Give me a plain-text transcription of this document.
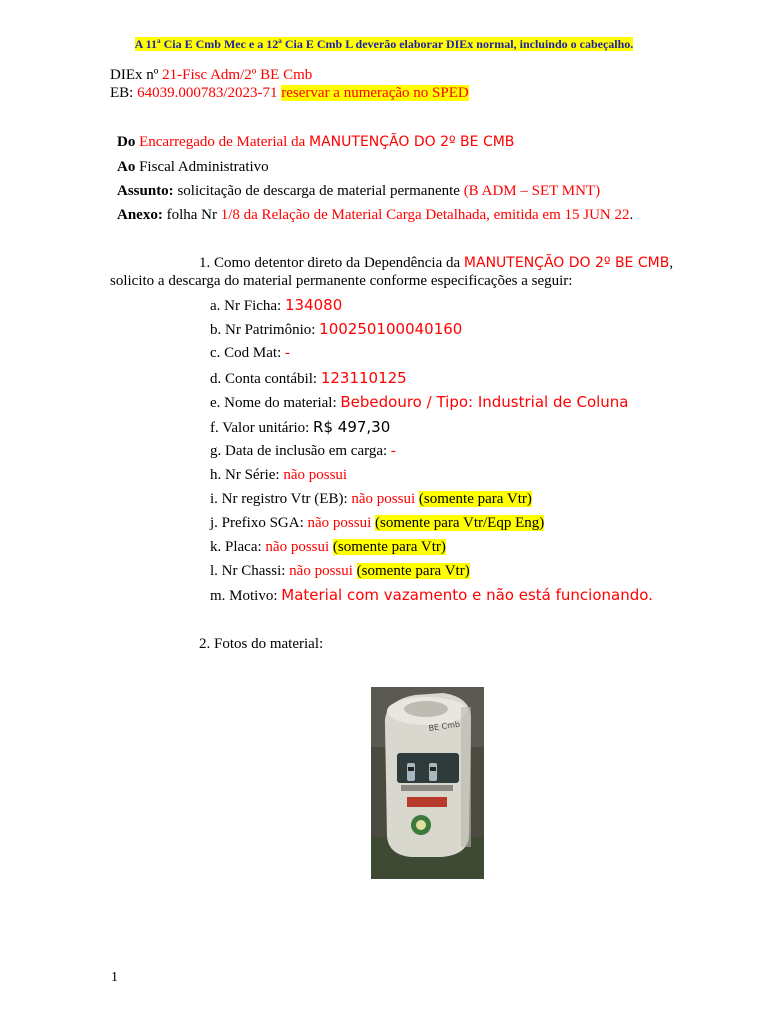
A 11ª Cia E Cmb Mec e a 12ª Cia E Cmb L deverão elaborar DIEx normal, incluindo o cabeçalho.
DIEx nº 21-Fisc Adm/2º BE Cmb
EB: 64039.000783/2023-71 reservar a numeração no SPED
Do Encarregado de Material da MANUTENÇÃO DO 2º BE CMB
Ao Fiscal Administrativo
Assunto: solicitação de descarga de material permanente (B ADM – SET MNT)
Anexo: folha Nr 1/8 da Relação de Material Carga Detalhada, emitida em 15 JUN 22.
1. Como detentor direto da Dependência da MANUTENÇÃO DO 2º BE CMB,
solicito a descarga do material permanente conforme especificações a seguir:
a. Nr Ficha: 134080
b. Nr Patrimônio: 100250100040160
c. Cod Mat: -
d. Conta contábil: 123110125
e. Nome do material: Bebedouro / Tipo: Industrial de Coluna
f. Valor unitário: R$ 497,30
g. Data de inclusão em carga: -
h. Nr Série: não possui
i. Nr registro Vtr (EB): não possui (somente para Vtr)
j. Prefixo SGA: não possui (somente para Vtr/Eqp Eng)
k. Placa: não possui (somente para Vtr)
l. Nr Chassi: não possui (somente para Vtr)
m. Motivo: Material com vazamento e não está funcionando.
2. Fotos do material:
BE Cmb
1
